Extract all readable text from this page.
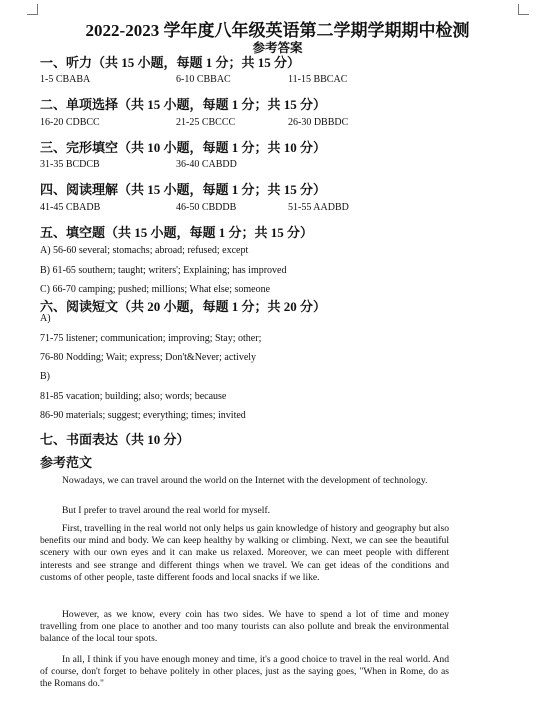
2022-2023 学年度八年级英语第二学期学期期中检测
参考答案
一、听力（共 15 小题，每题 1 分；共 15 分）
1-5 CBABA	6-10 CBBAC	11-15 BBCAC
二、单项选择（共 15 小题，每题 1 分；共 15 分）
16-20 CDBCC	21-25 CBCCC	26-30 DBBDC
三、完形填空（共 10 小题，每题 1 分；共 10 分）
31-35 BCDCB	36-40 CABDD
四、阅读理解（共 15 小题，每题 1 分；共 15 分）
41-45 CBADB	46-50 CBDDB	51-55 AADBD
五、填空题（共 15 小题，每题 1 分；共 15 分）
A) 56-60 several; stomachs; abroad; refused; except
B) 61-65 southern; taught; writers'; Explaining; has improved
C) 66-70 camping; pushed; millions; What else; someone
六、阅读短文（共 20 小题，每题 1 分；共 20 分）
A)
71-75 listener; communication; improving; Stay; other;
76-80 Nodding; Wait; express; Don't&Never; actively
B)
81-85 vacation; building; also; words; because
86-90 materials; suggest; everything; times; invited
七、书面表达（共 10 分）
参考范文
Nowadays, we can travel around the world on the Internet with the development of technology.
But I prefer to travel around the real world for myself.
First, travelling in the real world not only helps us gain knowledge of history and geography but also benefits our mind and body. We can keep healthy by walking or climbing. Next, we can see the beautiful scenery with our own eyes and it can make us relaxed. Moreover, we can meet people with different interests and see strange and different things when we travel. We can get ideas of the conditions and customs of other people, taste different foods and local snacks if we like.
However, as we know, every coin has two sides. We have to spend a lot of time and money travelling from one place to another and too many tourists can also pollute and break the environmental balance of the local tour spots.
In all, I think if you have enough money and time, it's a good choice to travel in the real world. And of course, don't forget to behave politely in other places, just as the saying goes, "When in Rome, do as the Romans do."
